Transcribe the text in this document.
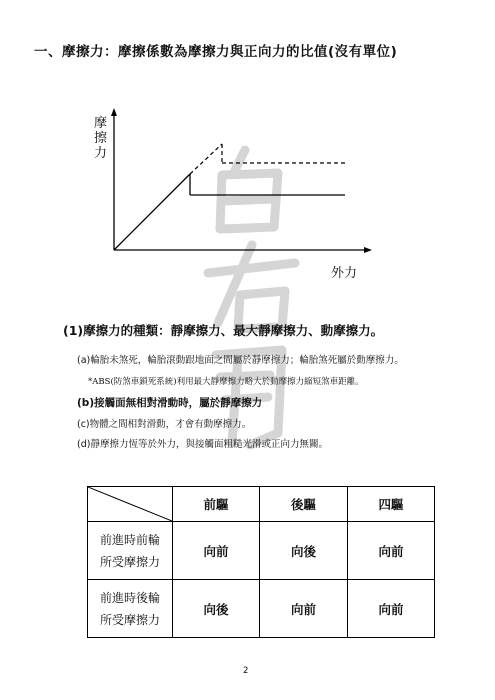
一、摩擦力：摩擦係數為摩擦力與正向力的比值(沒有單位)
摩擦力
外力
(1)摩擦力的種類：靜摩擦力、最大靜摩擦力、動摩擦力。
(a)輪胎未煞死，輪胎滾動跟地面之間屬於靜摩擦力；輪胎煞死屬於動摩擦力。
*ABS(防煞車鎖死系統)利用最大靜摩擦力略大於動摩擦力縮短煞車距離。
(b)接觸面無相對滑動時，屬於靜摩擦力
(c)物體之間相對滑動，才會有動摩擦力。
(d)靜摩擦力恆等於外力，與接觸面粗糙光滑或正向力無關。
	前驅	後驅	四驅

前進時前輪
所受摩擦力	向前	向後	向前

前進時後輪
所受摩擦力	向後	向前	向前
2
